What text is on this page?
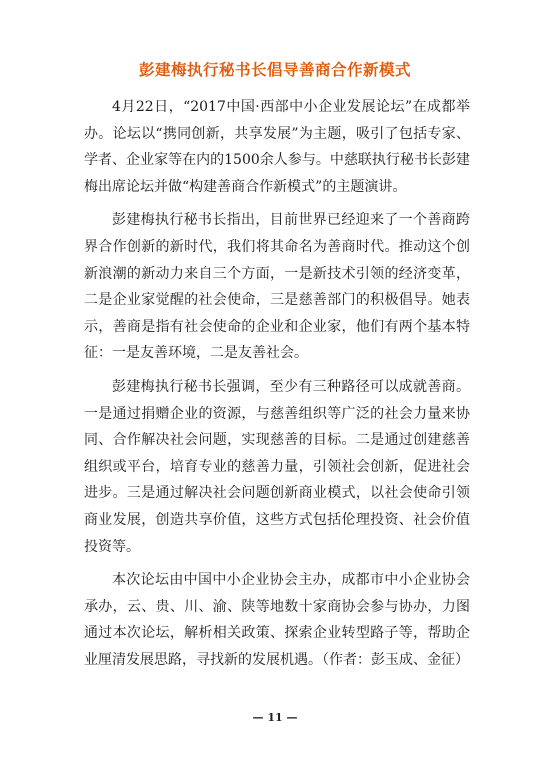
彭建梅执行秘书长倡导善商合作新模式

4月22日，“2017中国·西部中小企业发展论坛”在成都举办。论坛以“携同创新，共享发展”为主题，吸引了包括专家、学者、企业家等在内的1500余人参与。中慈联执行秘书长彭建梅出席论坛并做“构建善商合作新模式”的主题演讲。

彭建梅执行秘书长指出，目前世界已经迎来了一个善商跨界合作创新的新时代，我们将其命名为善商时代。推动这个创新浪潮的新动力来自三个方面，一是新技术引领的经济变革，二是企业家觉醒的社会使命，三是慈善部门的积极倡导。她表示，善商是指有社会使命的企业和企业家，他们有两个基本特征：一是友善环境，二是友善社会。

彭建梅执行秘书长强调，至少有三种路径可以成就善商。一是通过捐赠企业的资源，与慈善组织等广泛的社会力量来协同、合作解决社会问题，实现慈善的目标。二是通过创建慈善组织或平台，培育专业的慈善力量，引领社会创新，促进社会进步。三是通过解决社会问题创新商业模式，以社会使命引领商业发展，创造共享价值，这些方式包括伦理投资、社会价值投资等。

本次论坛由中国中小企业协会主办，成都市中小企业协会承办，云、贵、川、渝、陕等地数十家商协会参与协办，力图通过本次论坛，解析相关政策、探索企业转型路子等，帮助企业厘清发展思路，寻找新的发展机遇。（作者：彭玉成、金征）

— 11 —
